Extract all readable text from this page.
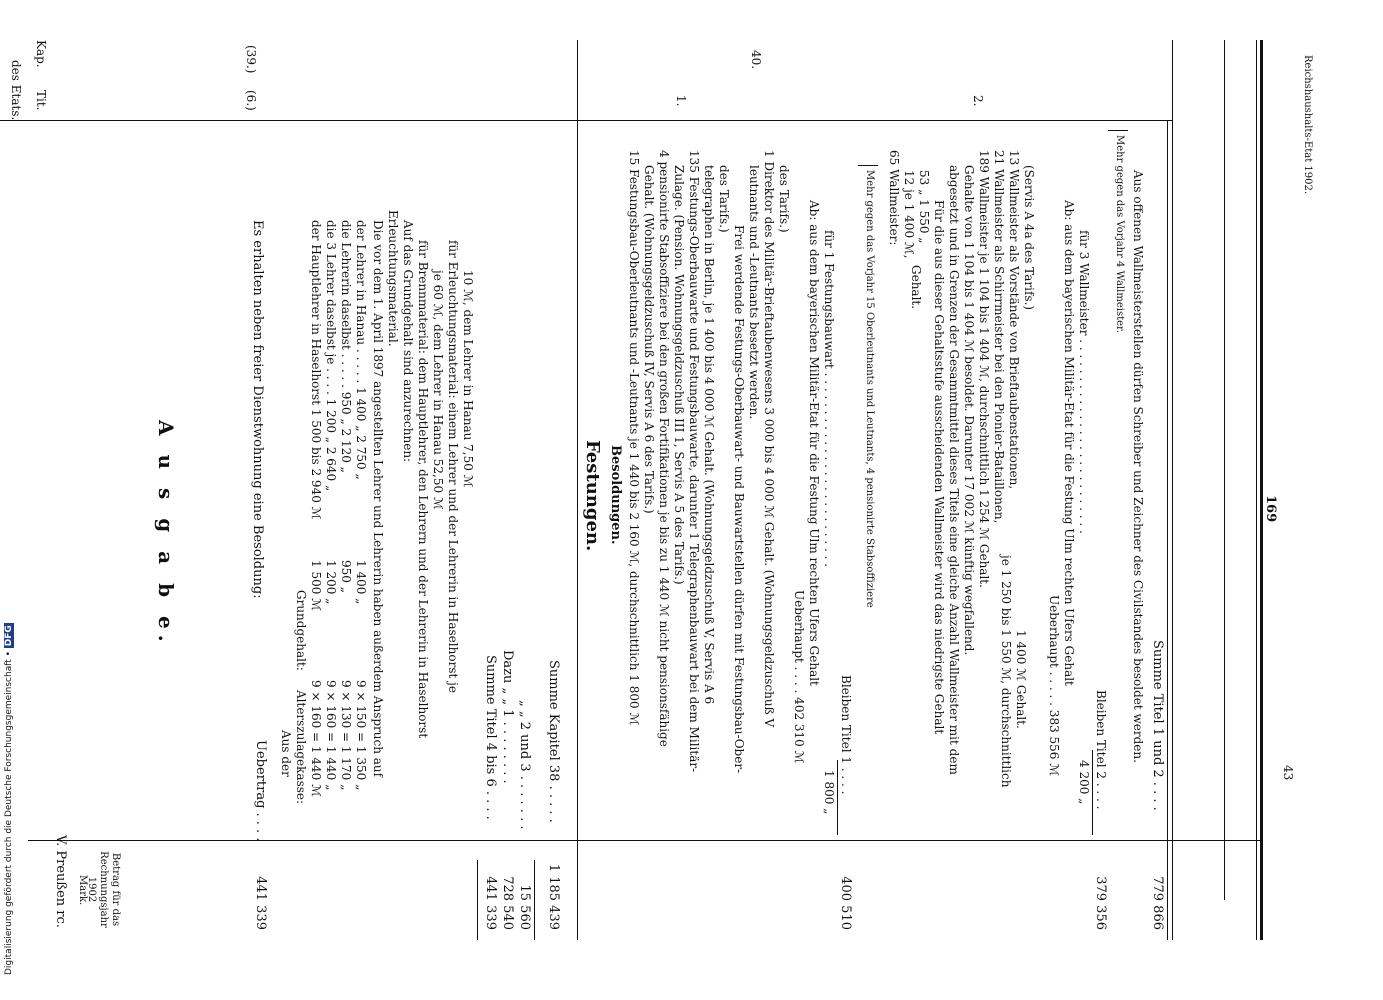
169
V. Preußen rc.
Kap.
Tit.
des Etats.
Betrag für das Rechnungsjahr 1902
Mark.
A u s g a b e.
Uebertrag . . . .
441 339
(39.)
(6.)
Es erhalten neben freier Dienstwohnung eine Besoldung:
Aus der
Grundgehalt:
Alterszulagekasse:
der Hauptlehrer in Haselhorst 1 500 bis 2 940 ℳ
1 500 ℳ
9 × 160 = 1 440 ℳ
die 3 Lehrer daselbst je . . . . 1 200 „ 2 640 „
1 200 „
9 × 160 = 1 440 „
die Lehrerin daselbst . . . . . 950 „ 2 120 „
950 „
9 × 130 = 1 170 „
der Lehrer in Hanau . . . . . 1 400 „ 2 750 „
1 400 „
9 × 150 = 1 350 „ Die vor dem 1. April 1897 angestellten Lehrer und Lehrerin haben außerdem Anspruch auf Erleuchtungsmaterial. Auf das Grundgehalt sind anzurechnen: für Brennmaterial: dem Hauptlehrer, den Lehrern und der Lehrerin in Haselhorst je 60 ℳ, dem Lehrer in Hanau 52,50 ℳ für Erleuchtungsmaterial: einem Lehrer und der Lehrerin in Haselhorst je 10 ℳ, dem Lehrer in Hanau 7,50 ℳ
Summe Titel 4 bis 6 . . . .
441 339
Dazu „ „ 1 . . . . . . . .
728 540
„ „ 2 und 3 . . . . . . .
15 560
Summe Kapitel 38 . . . . .
1 185 439
40.
Festungen. Besoldungen.
1.
15 Festungsbau-Oberleutnants und -Leutnants je 1 440 bis 2 160 ℳ, durchschnittlich 1 800 ℳ Gehalt. (Wohnungsgeldzuschuß IV, Servis A 6 des Tarifs.) 4 pensionirte Stabsoffiziere bei den großen Fortifikationen je bis zu 1 440 ℳ nicht pensionsfähige Zulage. (Pension. Wohnungsgeldzuschuß III 1, Servis A 5 des Tarifs.) 135 Festungs-Oberbauwarte und Festungsbauwarte, darunter 1 Telegraphenbauwart bei dem Militär- telegraphen in Berlin, je 1 400 bis 4 000 ℳ Gehalt. (Wohnungsgeldzuschuß V, Servis A 6 des Tarifs.)
Frei werdende Festungs-Oberbauwart- und Bauwartstellen dürfen mit Festungsbau-Ober- leutnants und -Leutnants besetzt werden. 1 Direktor des Militär-Brieftaubenwesens 3 000 bis 4 000 ℳ Gehalt. (Wohnungsgeldzuschuß V des Tarifs.)
Ueberhaupt . . . . 402 310 ℳ Ab: aus dem bayerischen Militär-Etat für die Festung Ulm rechten Ufers Gehalt für 1 Festungsbauwart . . . . . . . . . . . . . . . . . . . . . . . . . .
1 800 „ Bleiben Titel 1 . . . .
400 510
Mehr gegen das Vorjahr 15 Oberleutnants und Leutnants, 4 pensionirte Stabsoffiziere
2.
65 Wallmeister: 12 je 1 400 ℳ, 53 „ 1 550 „
Gehalt. Für die aus dieser Gehaltsstufe ausscheidenden Wallmeister wird das niedrigste Gehalt abgesetzt und in Grenzen der Gesammtmittel dieses Titels eine gleiche Anzahl Wallmeister mit dem Gehalte von 1 104 bis 1 404 ℳ besoldet. Darunter 17 002 ℳ künftig wegfallend. 189 Wallmeister je 1 104 bis 1 404 ℳ, durchschnittlich 1 254 ℳ Gehalt. 21 Wallmeister als Schirrmeister bei den Pionier-Bataillonen,
je 1 250 bis 1 550 ℳ, durchschnittlich
13 Wallmeister als Vorstände von Brieftaubenstationen,
1 400 ℳ Gehalt.
(Servis A 4a des Tarifs.)
Ueberhaupt . . . . . 383 556 ℳ Ab: aus dem bayerischen Militär-Etat für die Festung Ulm rechten Ufers Gehalt für 3 Wallmeister . . . . . . . . . . . . . . . . . . . . . . . . . .
4 200 „ Bleiben Titel 2 . . . .
379 356
Mehr gegen das Vorjahr 4 Wallmeister. Aus offenen Wallmeisterstellen dürfen Schreiber und Zeichner des Civilstandes besoldet werden. Summe Titel 1 und 2 . . . .
779 866
Reichshaushalts-Etat 1902.
43
Digitalisierung gefördert durch die Deutsche Forschungsgemeinschaft • DFG
